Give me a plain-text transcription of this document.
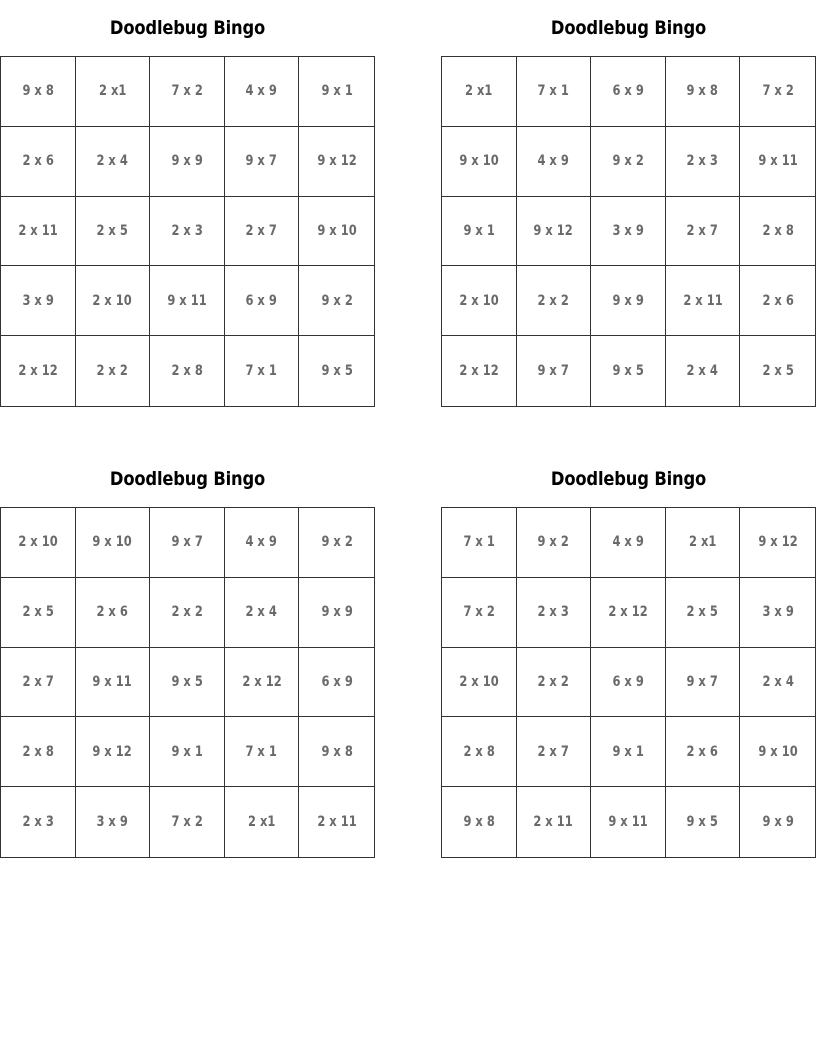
Doodlebug Bingo
9 x 8	2 x1	7 x 2	4 x 9	9 x 1
2 x 6	2 x 4	9 x 9	9 x 7	9 x 12
2 x 11	2 x 5	2 x 3	2 x 7	9 x 10
3 x 9	2 x 10	9 x 11	6 x 9	9 x 2
2 x 12	2 x 2	2 x 8	7 x 1	9 x 5
Doodlebug Bingo
2 x1	7 x 1	6 x 9	9 x 8	7 x 2
9 x 10	4 x 9	9 x 2	2 x 3	9 x 11
9 x 1	9 x 12	3 x 9	2 x 7	2 x 8
2 x 10	2 x 2	9 x 9	2 x 11	2 x 6
2 x 12	9 x 7	9 x 5	2 x 4	2 x 5
Doodlebug Bingo
2 x 10	9 x 10	9 x 7	4 x 9	9 x 2
2 x 5	2 x 6	2 x 2	2 x 4	9 x 9
2 x 7	9 x 11	9 x 5	2 x 12	6 x 9
2 x 8	9 x 12	9 x 1	7 x 1	9 x 8
2 x 3	3 x 9	7 x 2	2 x1	2 x 11
Doodlebug Bingo
7 x 1	9 x 2	4 x 9	2 x1	9 x 12
7 x 2	2 x 3	2 x 12	2 x 5	3 x 9
2 x 10	2 x 2	6 x 9	9 x 7	2 x 4
2 x 8	2 x 7	9 x 1	2 x 6	9 x 10
9 x 8	2 x 11	9 x 11	9 x 5	9 x 9
